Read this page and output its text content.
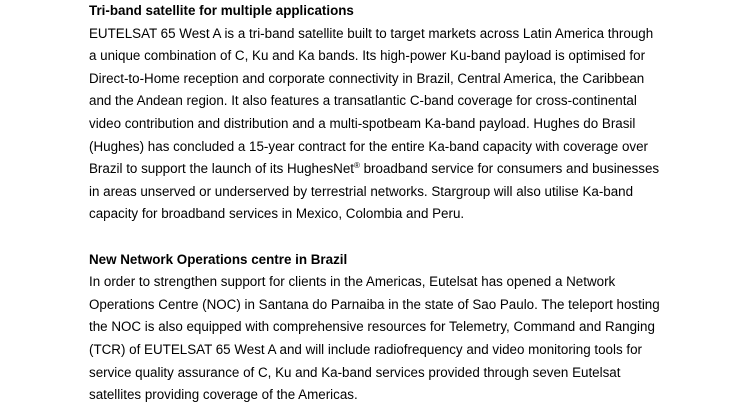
Tri-band satellite for multiple applications

EUTELSAT 65 West A is a tri-band satellite built to target markets across Latin America through

a unique combination of C, Ku and Ka bands. Its high-power Ku-band payload is optimised for

Direct-to-Home reception and corporate connectivity in Brazil, Central America, the Caribbean

and the Andean region. It also features a transatlantic C-band coverage for cross-continental

video contribution and distribution and a multi-spotbeam Ka-band payload. Hughes do Brasil

(Hughes) has concluded a 15-year contract for the entire Ka-band capacity with coverage over

Brazil to support the launch of its HughesNet® broadband service for consumers and businesses

in areas unserved or underserved by terrestrial networks. Stargroup will also utilise Ka-band

capacity for broadband services in Mexico, Colombia and Peru.

New Network Operations centre in Brazil

In order to strengthen support for clients in the Americas, Eutelsat has opened a Network

Operations Centre (NOC) in Santana do Parnaiba in the state of Sao Paulo. The teleport hosting

the NOC is also equipped with comprehensive resources for Telemetry, Command and Ranging

(TCR) of EUTELSAT 65 West A and will include radiofrequency and video monitoring tools for

service quality assurance of C, Ku and Ka-band services provided through seven Eutelsat

satellites providing coverage of the Americas.
